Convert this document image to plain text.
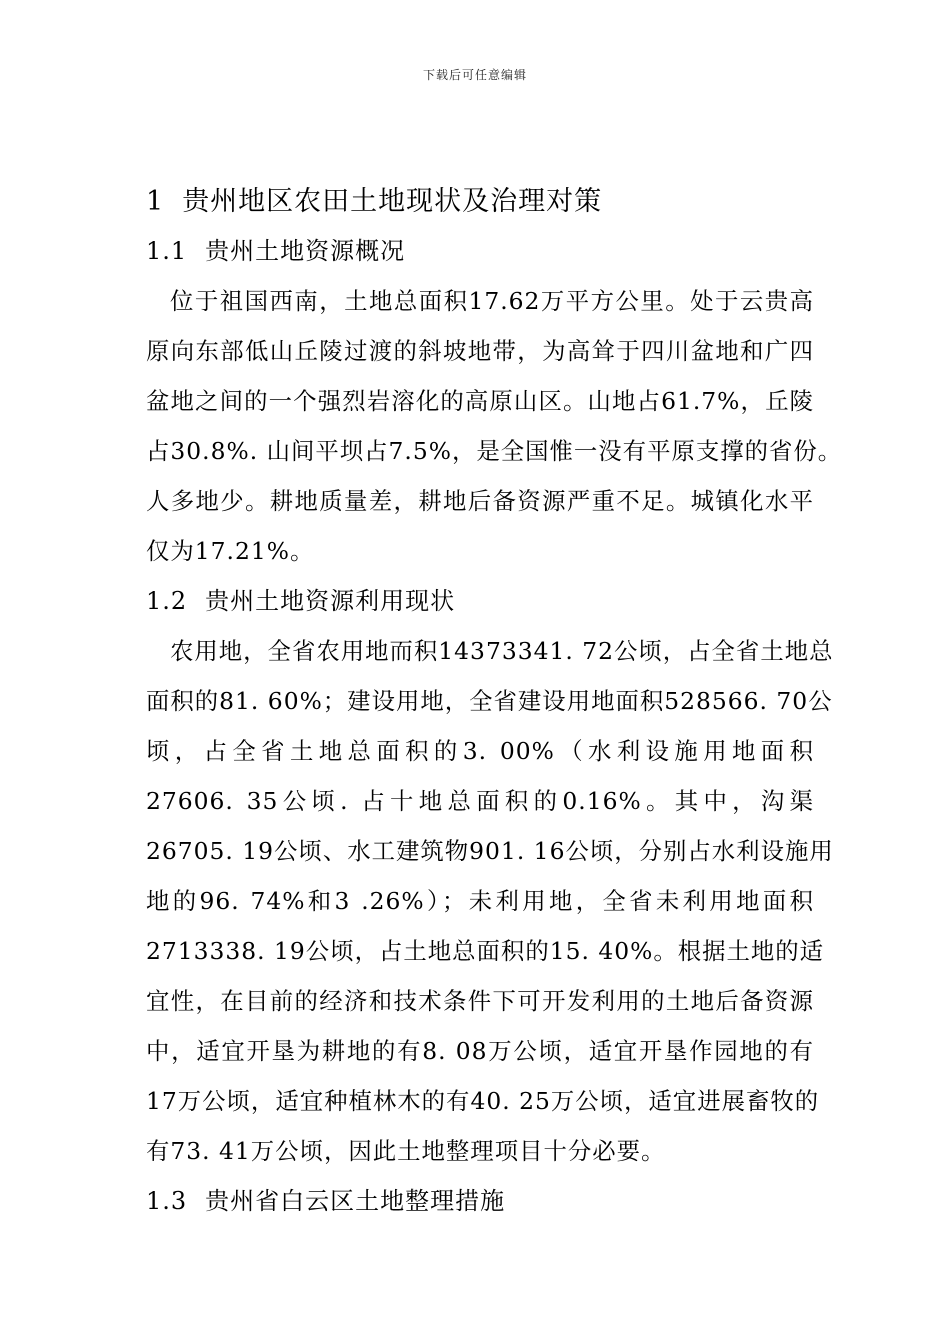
下载后可任意编辑
1 贵州地区农田土地现状及治理对策
1.1 贵州土地资源概况
位于祖国西南，土地总面积17.62万平方公里。处于云贵高
原向东部低山丘陵过渡的斜坡地带，为高耸于四川盆地和广四
盆地之间的一个强烈岩溶化的高原山区。山地占61.7%，丘陵
占30.8%. 山间平坝占7.5%，是全国惟一没有平原支撑的省份。
人多地少。耕地质量差，耕地后备资源严重不足。城镇化水平
仅为17.21%。
1.2 贵州土地资源利用现状
农用地，全省农用地而积14373341. 72公顷，占全省土地总
面积的81. 60%；建设用地，全省建设用地面积528566. 70公
顷，占全省土地总面积的3. 00%（水利设施用地面积
27606. 35公顷. 占十地总面积的0.16%。其中，沟渠
26705. 19公顷、水工建筑物901. 16公顷，分别占水利设施用
地的96. 74%和3 .26%）；未利用地，全省未利用地面积
2713338. 19公顷，占土地总面积的15. 40%。根据土地的适
宜性，在目前的经济和技术条件下可开发利用的土地后备资源
中，适宜开垦为耕地的有8. 08万公顷，适宜开垦作园地的有
17万公顷，适宜种植林木的有40. 25万公顷，适宜进展畜牧的
有73. 41万公顷，因此土地整理项目十分必要。
1.3 贵州省白云区土地整理措施
